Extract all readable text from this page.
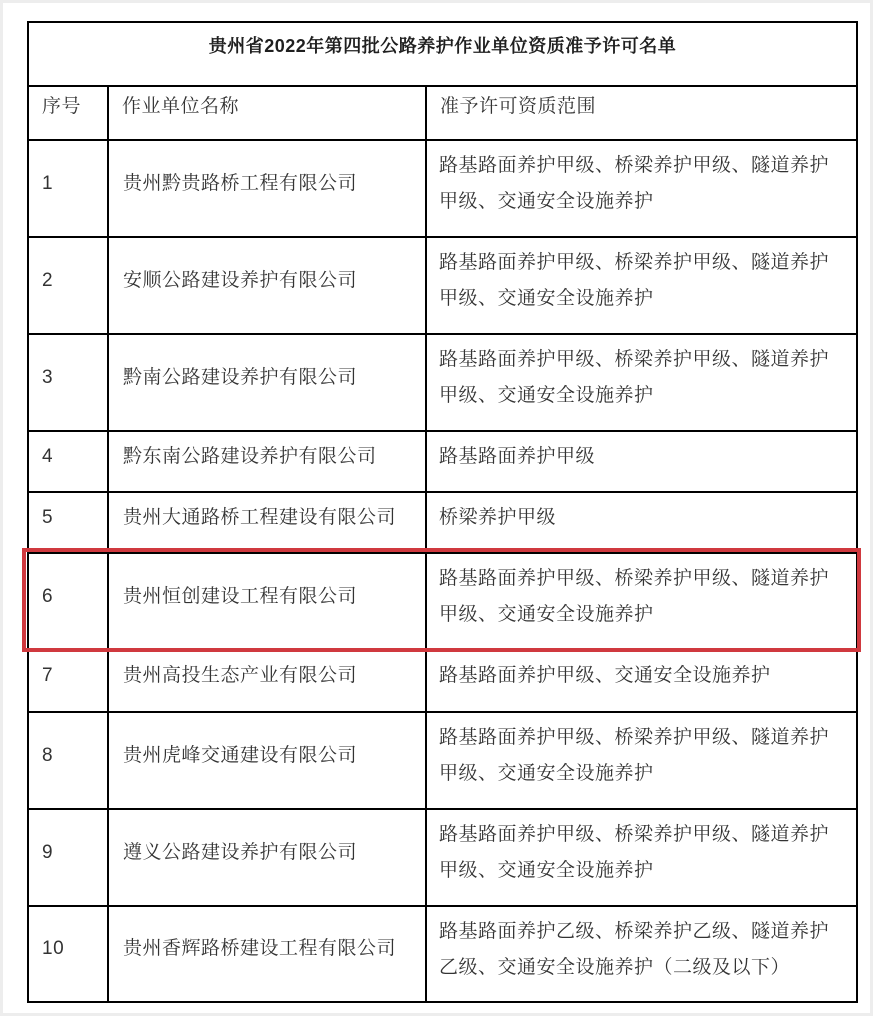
贵州省2022年第四批公路养护作业单位资质准予许可名单		
序号	作业单位名称	准予许可资质范围
1	贵州黔贵路桥工程有限公司	路基路面养护甲级、桥梁养护甲级、隧道养护甲级、交通安全设施养护
2	安顺公路建设养护有限公司	路基路面养护甲级、桥梁养护甲级、隧道养护甲级、交通安全设施养护
3	黔南公路建设养护有限公司	路基路面养护甲级、桥梁养护甲级、隧道养护甲级、交通安全设施养护
4	黔东南公路建设养护有限公司	路基路面养护甲级
5	贵州大通路桥工程建设有限公司	桥梁养护甲级
6	贵州恒创建设工程有限公司	路基路面养护甲级、桥梁养护甲级、隧道养护甲级、交通安全设施养护
7	贵州高投生态产业有限公司	路基路面养护甲级、交通安全设施养护
8	贵州虎峰交通建设有限公司	路基路面养护甲级、桥梁养护甲级、隧道养护甲级、交通安全设施养护
9	遵义公路建设养护有限公司	路基路面养护甲级、桥梁养护甲级、隧道养护甲级、交通安全设施养护
10	贵州香辉路桥建设工程有限公司	路基路面养护乙级、桥梁养护乙级、隧道养护乙级、交通安全设施养护（二级及以下）
